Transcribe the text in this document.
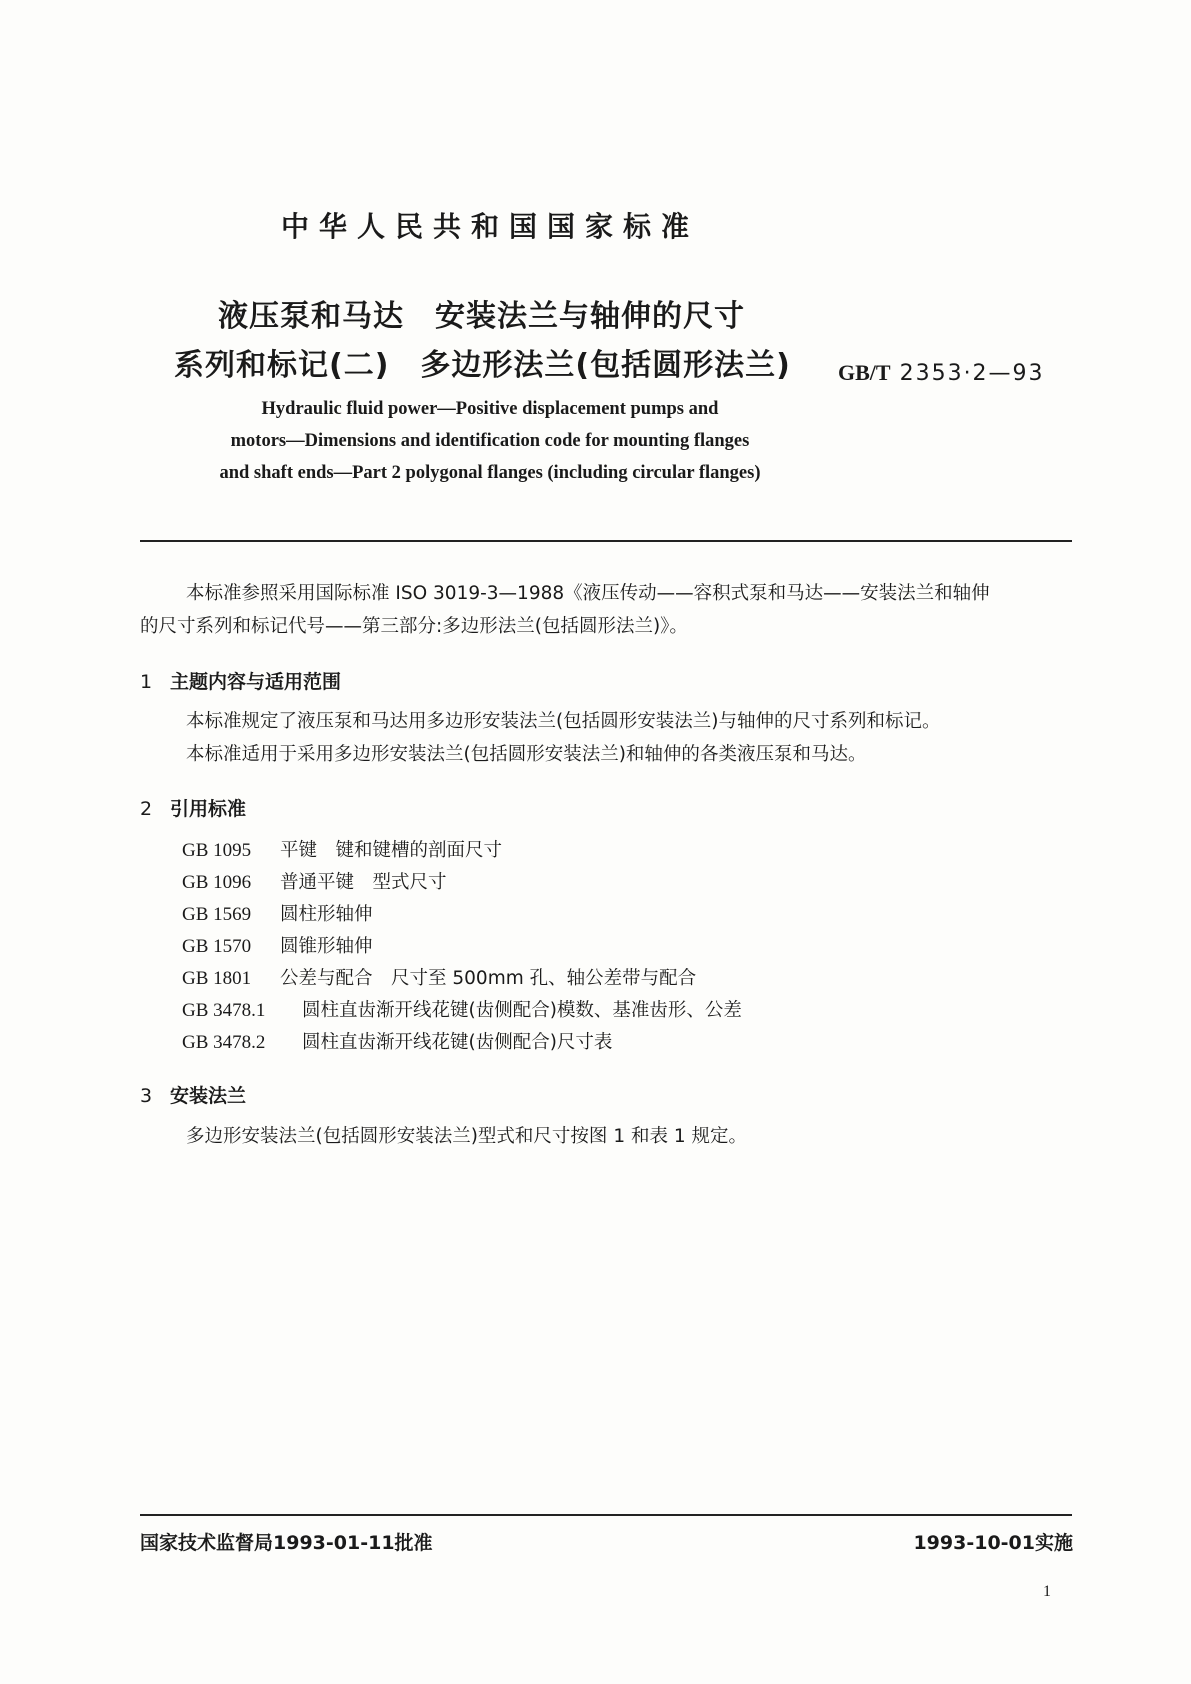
中华人民共和国国家标准
液压泵和马达　安装法兰与轴伸的尺寸
系列和标记(二)　多边形法兰(包括圆形法兰) GB/T 2353·2—93
Hydraulic fluid power—Positive displacement pumps and
motors—Dimensions and identification code for mounting flanges
and shaft ends—Part 2 polygonal flanges (including circular flanges)
本标准参照采用国际标准 ISO 3019-3—1988《液压传动——容积式泵和马达——安装法兰和轴伸
的尺寸系列和标记代号——第三部分:多边形法兰(包括圆形法兰)》。
1 主题内容与适用范围
本标准规定了液压泵和马达用多边形安装法兰(包括圆形安装法兰)与轴伸的尺寸系列和标记。
本标准适用于采用多边形安装法兰(包括圆形安装法兰)和轴伸的各类液压泵和马达。
2 引用标准
GB 1095 平键　键和键槽的剖面尺寸
GB 1096 普通平键　型式尺寸
GB 1569 圆柱形轴伸
GB 1570 圆锥形轴伸
GB 1801 公差与配合　尺寸至 500mm 孔、轴公差带与配合
GB 3478.1 圆柱直齿渐开线花键(齿侧配合)模数、基准齿形、公差
GB 3478.2 圆柱直齿渐开线花键(齿侧配合)尺寸表
3 安装法兰
多边形安装法兰(包括圆形安装法兰)型式和尺寸按图 1 和表 1 规定。
国家技术监督局1993-01-11批准	1993-10-01实施
1
